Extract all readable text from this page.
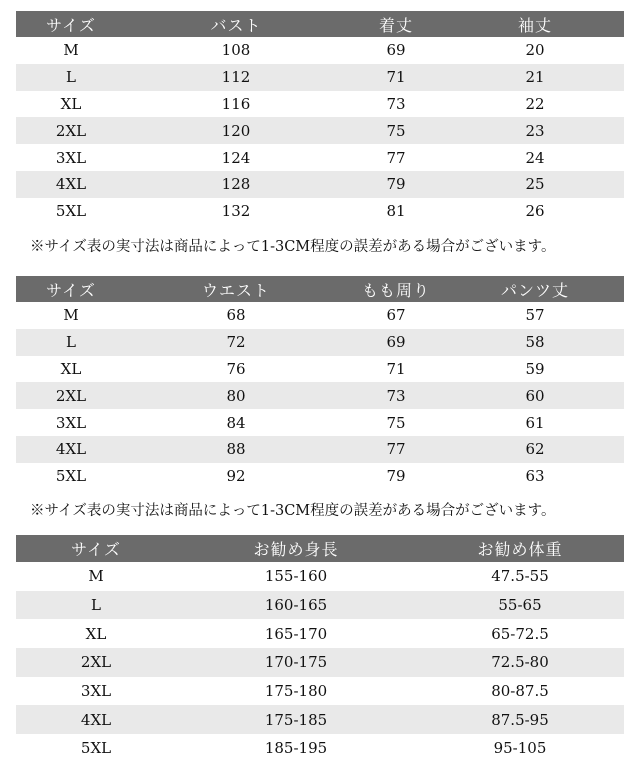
サイズ	バスト	着丈	袖丈
M	108	69	20
L	112	71	21
XL	116	73	22
2XL	120	75	23
3XL	124	77	24
4XL	128	79	25
5XL	132	81	26
※サイズ表の実寸法は商品によって1-3CM程度の誤差がある場合がございます。
サイズ	ウエスト	もも周り	パンツ丈
M	68	67	57
L	72	69	58
XL	76	71	59
2XL	80	73	60
3XL	84	75	61
4XL	88	77	62
5XL	92	79	63
※サイズ表の実寸法は商品によって1-3CM程度の誤差がある場合がございます。
サイズ	お勧め身長	お勧め体重
M	155-160	47.5-55
L	160-165	55-65
XL	165-170	65-72.5
2XL	170-175	72.5-80
3XL	175-180	80-87.5
4XL	175-185	87.5-95
5XL	185-195	95-105
